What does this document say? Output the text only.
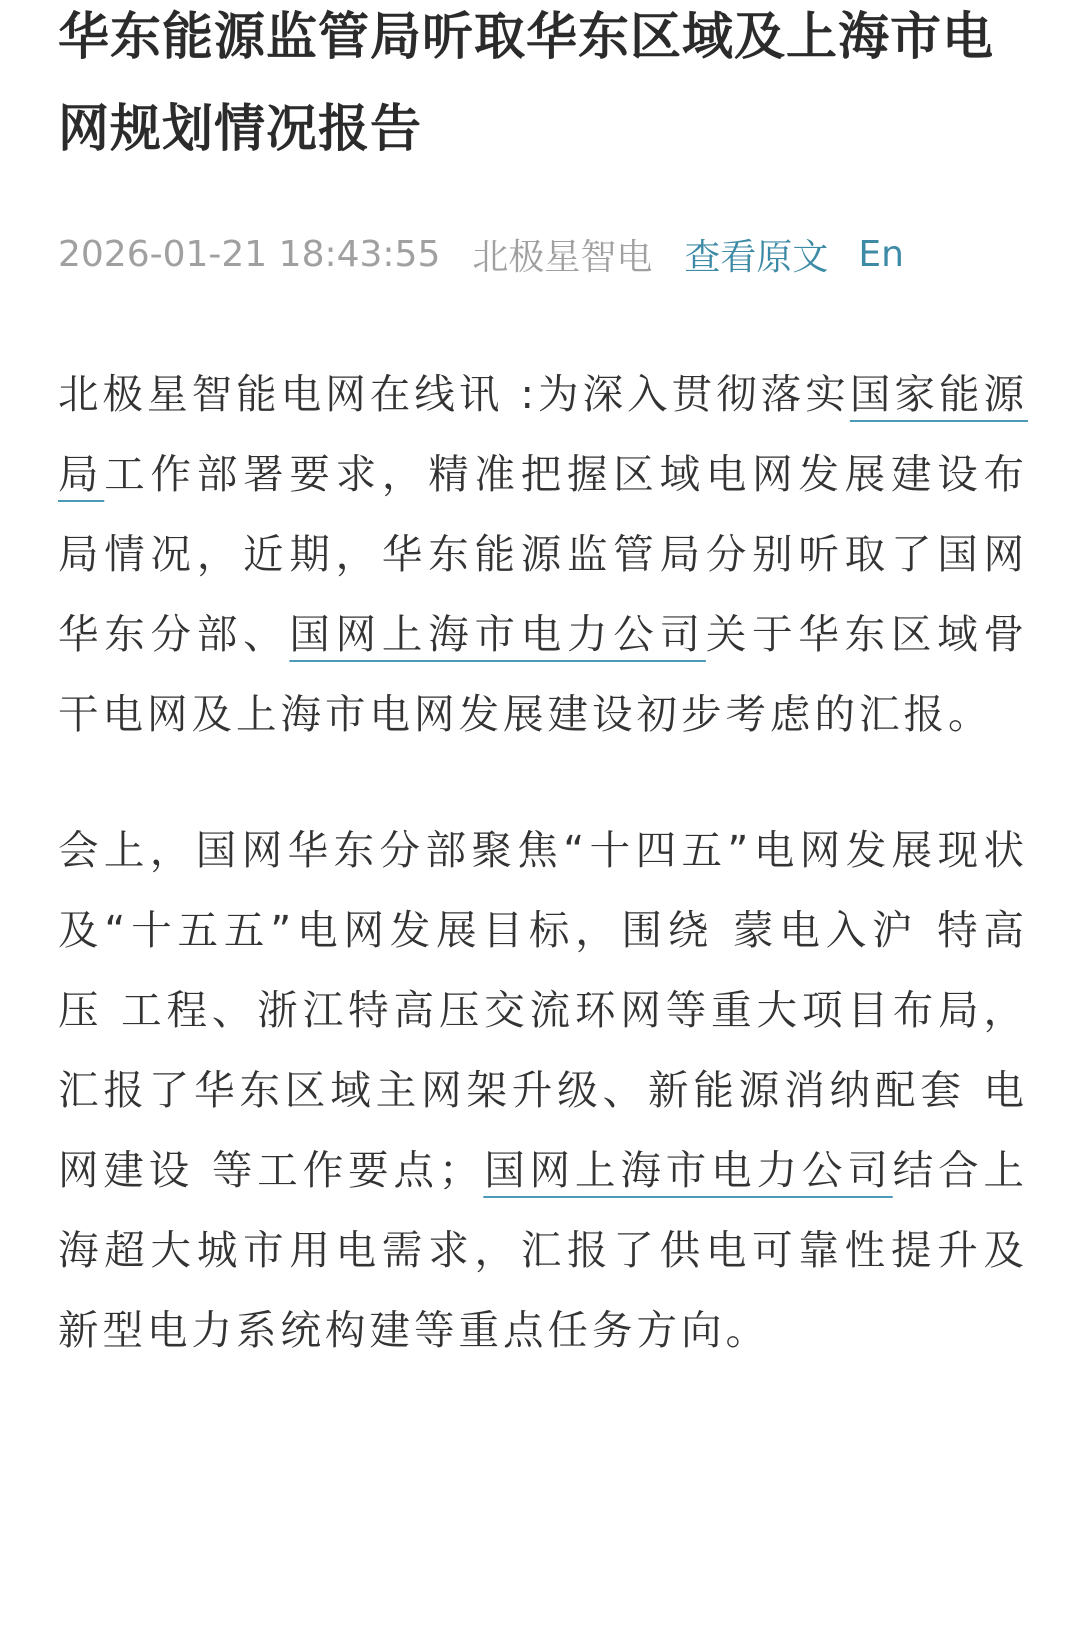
华东能源监管局听取华东区域及上海市电网规划情况报告
2026-01-21 18:43:55 北极星智电 查看原文 En

北极星智能电网在线讯 :为深入贯彻落实国家能源局工作部署要求，精准把握区域电网发展建设布局情况，近期，华东能源监管局分别听取了国网华东分部、国网上海市电力公司关于华东区域骨干电网及上海市电网发展建设初步考虑的汇报。

会上，国网华东分部聚焦“十四五”电网发展现状及“十五五”电网发展目标，围绕 蒙电入沪 特高压 工程、浙江特高压交流环网等重大项目布局，汇报了华东区域主网架升级、新能源消纳配套 电网建设 等工作要点；国网上海市电力公司结合上海超大城市用电需求，汇报了供电可靠性提升及新型电力系统构建等重点任务方向。
